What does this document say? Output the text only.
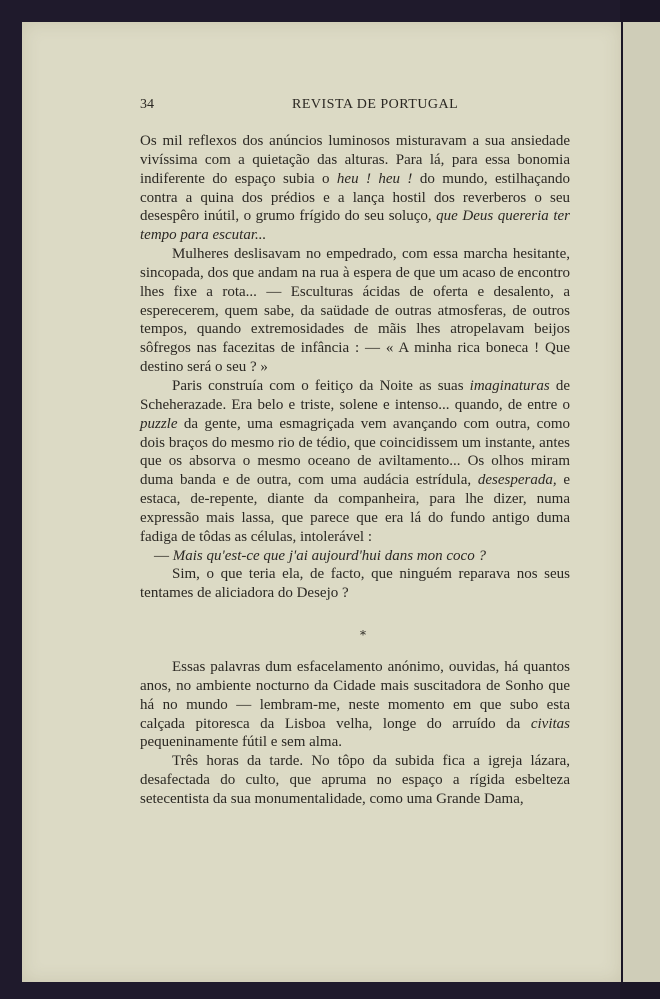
34	REVISTA DE PORTUGAL

Os mil reflexos dos anúncios luminosos misturavam a sua ansiedade vivíssima com a quietação das alturas. Para lá, para essa bonomia indiferente do espaço subia o heu ! heu ! do mundo, estilhaçando contra a quina dos prédios e a lança hostil dos reverberos o seu desespêro inútil, o grumo frígido do seu soluço, que Deus quereria ter tempo para escutar...

Mulheres deslisavam no empedrado, com essa marcha hesitante, sincopada, dos que andam na rua à espera de que um acaso de encontro lhes fixe a rota... — Esculturas ácidas de oferta e desalento, a esperecerem, quem sabe, da saüdade de outras atmosferas, de outros tempos, quando extremosidades de mãis lhes atropelavam beijos sôfregos nas facezitas de infância : — « A minha rica boneca ! Que destino será o seu ? »

Paris construía com o feitiço da Noite as suas imaginaturas de Scheherazade. Era belo e triste, solene e intenso... quando, de entre o puzzle da gente, uma esmagriçada vem avançando com outra, como dois braços do mesmo rio de tédio, que coincidissem um instante, antes que os absorva o mesmo oceano de aviltamento... Os olhos miram duma banda e de outra, com uma audácia estrídula, desesperada, e estaca, de-repente, diante da companheira, para lhe dizer, numa expressão mais lassa, que parece que era lá do fundo antigo duma fadiga de tôdas as células, intolerável :

— Mais qu'est-ce que j'ai aujourd'hui dans mon coco ?

Sim, o que teria ela, de facto, que ninguém reparava nos seus tentames de aliciadora do Desejo ?

*

Essas palavras dum esfacelamento anónimo, ouvidas, há quantos anos, no ambiente nocturno da Cidade mais suscitadora de Sonho que há no mundo — lembram-me, neste momento em que subo esta calçada pitoresca da Lisboa velha, longe do arruído da civitas pequeninamente fútil e sem alma.

Três horas da tarde. No tôpo da subida fica a igreja lázara, desafectada do culto, que apruma no espaço a rígida esbelteza setecentista da sua monumentalidade, como uma Grande Dama,
